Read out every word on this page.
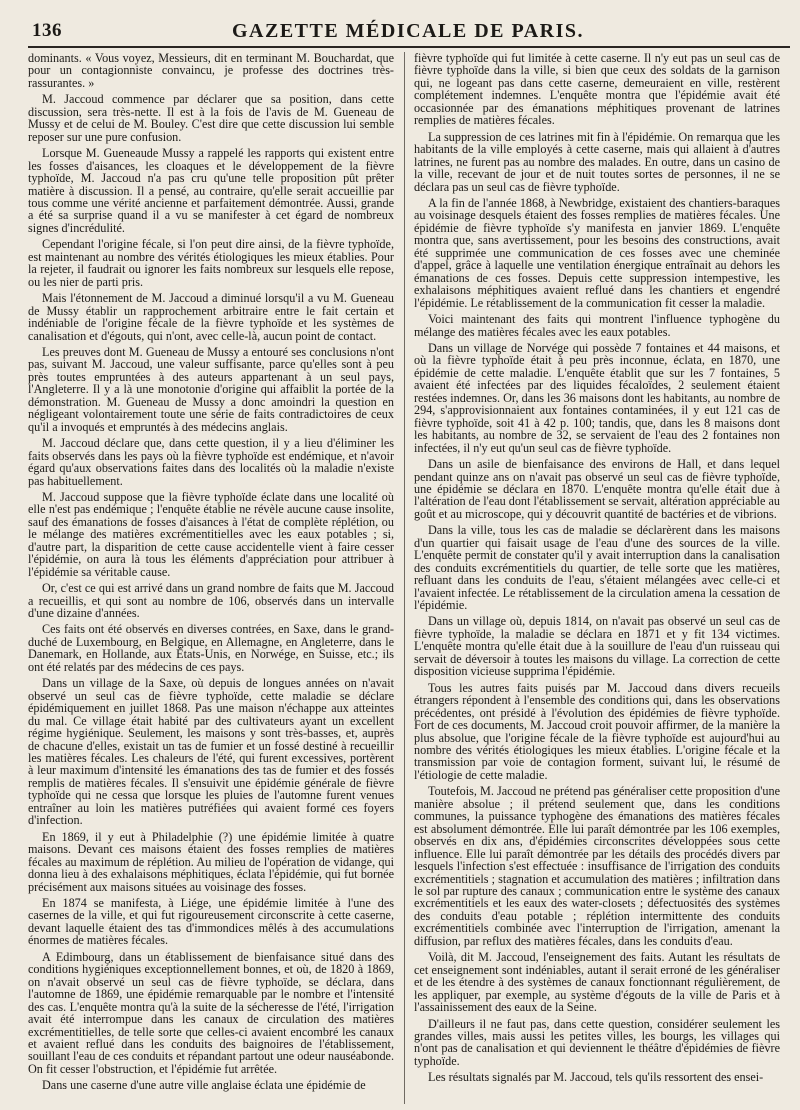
136	GAZETTE MÉDICALE DE PARIS.

dominants. « Vous voyez, Messieurs, dit en terminant M. Bouchardat, que pour un contagionniste convaincu, je professe des doctrines très-rassurantes. »

M. Jaccoud commence par déclarer que sa position, dans cette discussion, sera très-nette. Il est à la fois de l'avis de M. Gueneau de Mussy et de celui de M. Bouley. C'est dire que cette discussion lui semble reposer sur une pure confusion.

Lorsque M. Gueneaude Mussy a rappelé les rapports qui existent entre les fosses d'aisances, les cloaques et le développement de la fièvre typhoïde, M. Jaccoud n'a pas cru qu'une telle proposition pût prêter matière à discussion. Il a pensé, au contraire, qu'elle serait accueillie par tous comme une vérité ancienne et parfaitement démontrée. Aussi, grande a été sa surprise quand il a vu se manifester à cet égard de nombreux signes d'incrédulité.

Cependant l'origine fécale, si l'on peut dire ainsi, de la fièvre typhoïde, est maintenant au nombre des vérités étiologiques les mieux établies. Pour la rejeter, il faudrait ou ignorer les faits nombreux sur lesquels elle repose, ou les nier de parti pris.

Mais l'étonnement de M. Jaccoud a diminué lorsqu'il a vu M. Gueneau de Mussy établir un rapprochement arbitraire entre le fait certain et indéniable de l'origine fécale de la fièvre typhoïde et les systèmes de canalisation et d'égouts, qui n'ont, avec celle-là, aucun point de contact.

Les preuves dont M. Gueneau de Mussy a entouré ses conclusions n'ont pas, suivant M. Jaccoud, une valeur suffisante, parce qu'elles sont à peu près toutes empruntées à des auteurs appartenant à un seul pays, l'Angleterre. Il y a là une monotonie d'origine qui affaiblit la portée de la démonstration. M. Gueneau de Mussy a donc amoindri la question en négligeant volontairement toute une série de faits contradictoires de ceux qu'il a invoqués et empruntés à des médecins anglais.

M. Jaccoud déclare que, dans cette question, il y a lieu d'éliminer les faits observés dans les pays où la fièvre typhoïde est endémique, et n'avoir égard qu'aux observations faites dans des localités où la maladie n'existe pas habituellement.

M. Jaccoud suppose que la fièvre typhoïde éclate dans une localité où elle n'est pas endémique ; l'enquête établie ne révèle aucune cause insolite, sauf des émanations de fosses d'aisances à l'état de complète réplétion, ou le mélange des matières excrémentitielles avec les eaux potables ; si, d'autre part, la disparition de cette cause accidentelle vient à faire cesser l'épidémie, on aura là tous les éléments d'appréciation pour attribuer à l'épidémie sa véritable cause.

Or, c'est ce qui est arrivé dans un grand nombre de faits que M. Jaccoud a recueillis, et qui sont au nombre de 106, observés dans un intervalle d'une dizaine d'années.

Ces faits ont été observés en diverses contrées, en Saxe, dans le grand-duché de Luxembourg, en Belgique, en Allemagne, en Angleterre, dans le Danemark, en Hollande, aux États-Unis, en Norwége, en Suisse, etc.; ils ont été relatés par des médecins de ces pays.

Dans un village de la Saxe, où depuis de longues années on n'avait observé un seul cas de fièvre typhoïde, cette maladie se déclare épidémiquement en juillet 1868. Pas une maison n'échappe aux atteintes du mal. Ce village était habité par des cultivateurs ayant un excellent régime hygiénique. Seulement, les maisons y sont très-basses, et, auprès de chacune d'elles, existait un tas de fumier et un fossé destiné à recueillir les matières fécales. Les chaleurs de l'été, qui furent excessives, portèrent à leur maximum d'intensité les émanations des tas de fumier et des fossés remplis de matières fécales. Il s'ensuivit une épidémie générale de fièvre typhoïde qui ne cessa que lorsque les pluies de l'automne furent venues entraîner au loin les matières putréfiées qui avaient formé ces foyers d'infection.

En 1869, il y eut à Philadelphie (?) une épidémie limitée à quatre maisons. Devant ces maisons étaient des fosses remplies de matières fécales au maximum de réplétion. Au milieu de l'opération de vidange, qui donna lieu à des exhalaisons méphitiques, éclata l'épidémie, qui fut bornée précisément aux maisons situées au voisinage des fosses.

En 1874 se manifesta, à Liége, une épidémie limitée à l'une des casernes de la ville, et qui fut rigoureusement circonscrite à cette caserne, devant laquelle étaient des tas d'immondices mêlés à des accumulations énormes de matières fécales.

A Edimbourg, dans un établissement de bienfaisance situé dans des conditions hygiéniques exceptionnellement bonnes, et où, de 1820 à 1869, on n'avait observé un seul cas de fièvre typhoïde, se déclara, dans l'automne de 1869, une épidémie remarquable par le nombre et l'intensité des cas. L'enquête montra qu'à la suite de la sécheresse de l'été, l'irrigation avait été interrompue dans les canaux de circulation des matières excrémentitielles, de telle sorte que celles-ci avaient encombré les canaux et avaient reflué dans les conduits des baignoires de l'établissement, souillant l'eau de ces conduits et répandant partout une odeur nauséabonde. On fit cesser l'obstruction, et l'épidémie fut arrêtée.

Dans une caserne d'une autre ville anglaise éclata une épidémie de

fièvre typhoïde qui fut limitée à cette caserne. Il n'y eut pas un seul cas de fièvre typhoïde dans la ville, si bien que ceux des soldats de la garnison qui, ne logeant pas dans cette caserne, demeuraient en ville, restèrent complétement indemnes. L'enquête montra que l'épidémie avait été occasionnée par des émanations méphitiques provenant de latrines remplies de matières fécales.

La suppression de ces latrines mit fin à l'épidémie. On remarqua que les habitants de la ville employés à cette caserne, mais qui allaient à d'autres latrines, ne furent pas au nombre des malades. En outre, dans un casino de la ville, recevant de jour et de nuit toutes sortes de personnes, il ne se déclara pas un seul cas de fièvre typhoïde.

A la fin de l'année 1868, à Newbridge, existaient des chantiers-baraques au voisinage desquels étaient des fosses remplies de matières fécales. Une épidémie de fièvre typhoïde s'y manifesta en janvier 1869. L'enquête montra que, sans avertissement, pour les besoins des constructions, avait été supprimée une communication de ces fosses avec une cheminée d'appel, grâce à laquelle une ventilation énergique entraînait au dehors les émanations de ces fosses. Depuis cette suppression intempestive, les exhalaisons méphitiques avaient reflué dans les chantiers et engendré l'épidémie. Le rétablissement de la communication fit cesser la maladie.

Voici maintenant des faits qui montrent l'influence typhogène du mélange des matières fécales avec les eaux potables.

Dans un village de Norvége qui possède 7 fontaines et 44 maisons, et où la fièvre typhoïde était à peu près inconnue, éclata, en 1870, une épidémie de cette maladie. L'enquête établit que sur les 7 fontaines, 5 avaient été infectées par des liquides fécaloïdes, 2 seulement étaient restées indemnes. Or, dans les 36 maisons dont les habitants, au nombre de 294, s'approvisionnaient aux fontaines contaminées, il y eut 121 cas de fièvre typhoïde, soit 41 à 42 p. 100; tandis, que, dans les 8 maisons dont les habitants, au nombre de 32, se servaient de l'eau des 2 fontaines non infectées, il n'y eut qu'un seul cas de fièvre typhoïde.

Dans un asile de bienfaisance des environs de Hall, et dans lequel pendant quinze ans on n'avait pas observé un seul cas de fièvre typhoïde, une épidémie se déclara en 1870. L'enquête montra qu'elle était due à l'altération de l'eau dont l'établissement se servait, altération appréciable au goût et au microscope, qui y découvrit quantité de bactéries et de vibrions.

Dans la ville, tous les cas de maladie se déclarèrent dans les maisons d'un quartier qui faisait usage de l'eau d'une des sources de la ville. L'enquête permit de constater qu'il y avait interruption dans la canalisation des conduits excrémentitiels du quartier, de telle sorte que les matières, refluant dans les conduits de l'eau, s'étaient mélangées avec celle-ci et l'avaient infectée. Le rétablissement de la circulation amena la cessation de l'épidémie.

Dans un village où, depuis 1814, on n'avait pas observé un seul cas de fièvre typhoïde, la maladie se déclara en 1871 et y fit 134 victimes. L'enquête montra qu'elle était due à la souillure de l'eau d'un ruisseau qui servait de déversoir à toutes les maisons du village. La correction de cette disposition vicieuse supprima l'épidémie.

Tous les autres faits puisés par M. Jaccoud dans divers recueils étrangers répondent à l'ensemble des conditions qui, dans les observations précédentes, ont présidé à l'évolution des épidémies de fièvre typhoïde. Fort de ces documents, M. Jaccoud croit pouvoir affirmer, de la manière la plus absolue, que l'origine fécale de la fièvre typhoïde est aujourd'hui au nombre des vérités étiologiques les mieux établies. L'origine fécale et la transmission par voie de contagion forment, suivant lui, le résumé de l'étiologie de cette maladie.

Toutefois, M. Jaccoud ne prétend pas généraliser cette proposition d'une manière absolue ; il prétend seulement que, dans les conditions communes, la puissance typhogène des émanations des matières fécales est absolument démontrée. Elle lui paraît démontrée par les 106 exemples, observés en dix ans, d'épidémies circonscrites développées sous cette influence. Elle lui paraît démontrée par les détails des procédés divers par lesquels l'infection s'est effectuée : insuffisance de l'irrigation des conduits excrémentitiels ; stagnation et accumulation des matières ; infiltration dans le sol par rupture des canaux ; communication entre le système des canaux excrémentitiels et les eaux des water-closets ; défectuosités des systèmes des conduits d'eau potable ; réplétion intermittente des conduits excrémentitiels combinée avec l'interruption de l'irrigation, amenant la diffusion, par reflux des matières fécales, dans les conduits d'eau.

Voilà, dit M. Jaccoud, l'enseignement des faits. Autant les résultats de cet enseignement sont indéniables, autant il serait erroné de les généraliser et de les étendre à des systèmes de canaux fonctionnant régulièrement, de les appliquer, par exemple, au système d'égouts de la ville de Paris et à l'assainissement des eaux de la Seine.

D'ailleurs il ne faut pas, dans cette question, considérer seulement les grandes villes, mais aussi les petites villes, les bourgs, les villages qui n'ont pas de canalisation et qui deviennent le théâtre d'épidémies de fièvre typhoïde.

Les résultats signalés par M. Jaccoud, tels qu'ils ressortent des ensei-
